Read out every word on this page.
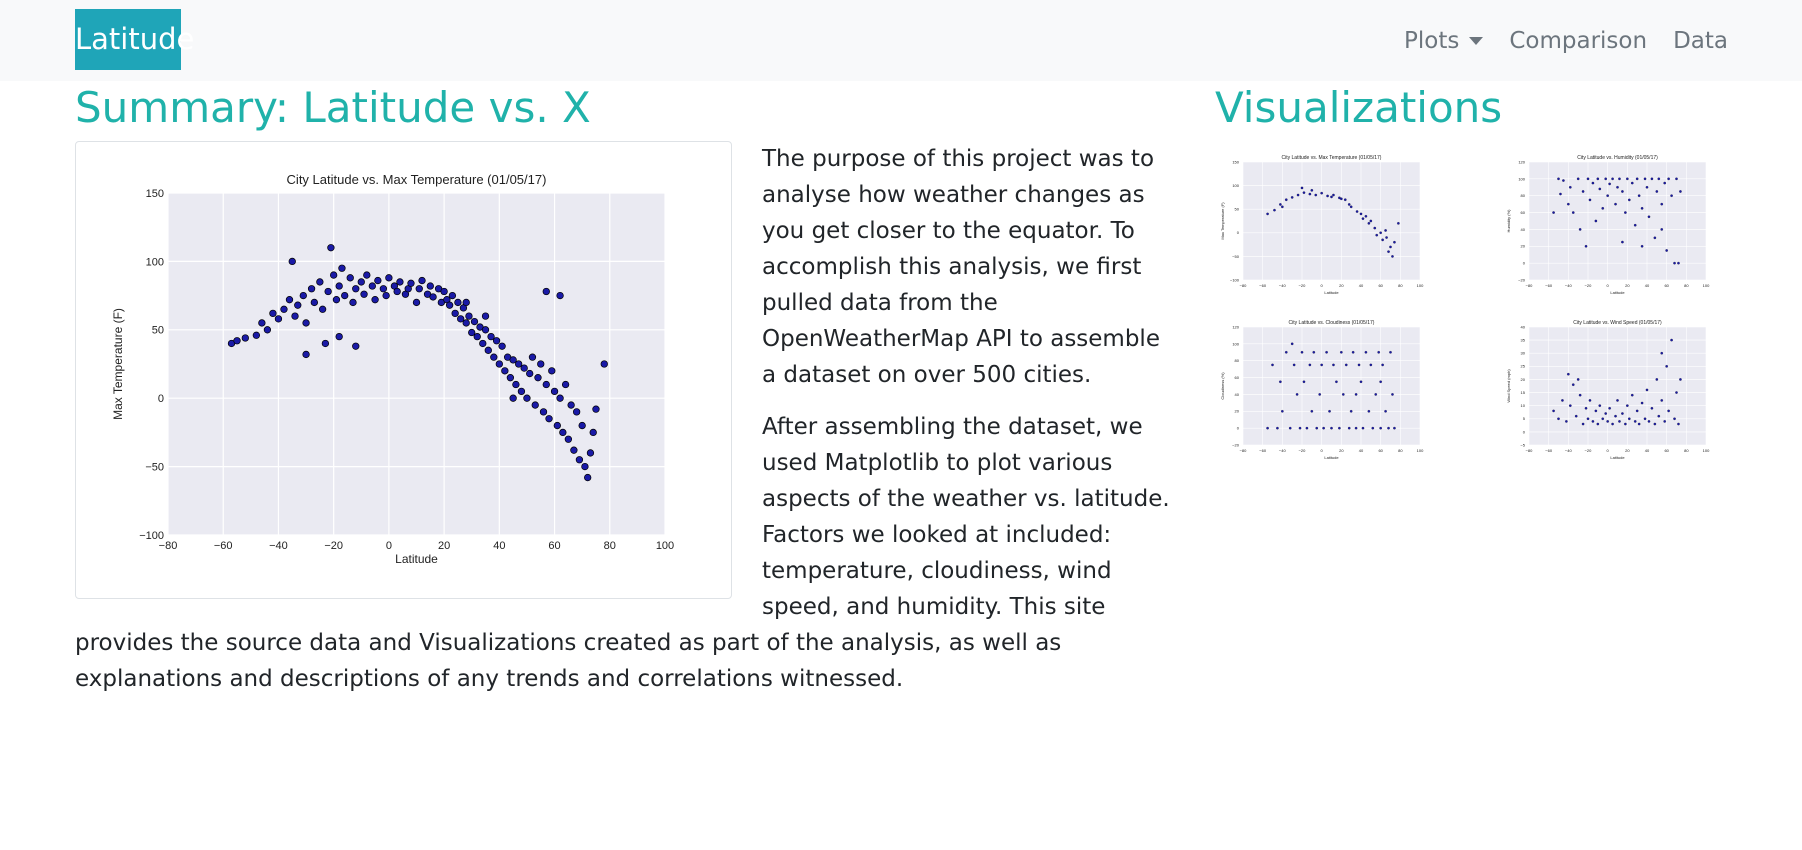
Latitude	Plots Comparison Data
Summary: Latitude vs. X	Visualizations
−80	−60	−40	−20	0	20	40	60	80	100
150
100
50
0
−50
−100
City Latitude vs. Max Temperature (01/05/17)
Latitude
Max Temperature (F)

The purpose of this project was to analyse how weather changes as you get closer to the equator. To accomplish this analysis, we first pulled data from the OpenWeatherMap API to assemble a dataset on over 500 cities.

After assembling the dataset, we used Matplotlib to plot various aspects of the weather vs. latitude. Factors we looked at included: temperature, cloudiness, wind speed, and humidity. This site provides the source data and Visualizations created as part of the analysis, as well as explanations and descriptions of any trends and correlations witnessed.

−80	−60	−40	−20	0	20	40	60	80	100
150
100
50
0
−50
−100
City Latitude vs. Max Temperature (01/05/17)
Latitude
Max Temperature (F)
−80	−60	−40	−20	0	20	40	60	80	100
120
100
80
60
40
20
0
−20
City Latitude vs. Humidity (01/05/17)
Latitude
Humidity (%)
−80	−60	−40	−20	0	20	40	60	80	100
120
100
80
60
40
20
0
−20
City Latitude vs. Cloudiness (01/05/17)
Latitude
Cloudiness (%)
−80	−60	−40	−20	0	20	40	60	80	100
40
35
30
25
20
15
10
5
0
−5
City Latitude vs. Wind Speed (01/05/17)
Latitude
Wind Speed (mph)
